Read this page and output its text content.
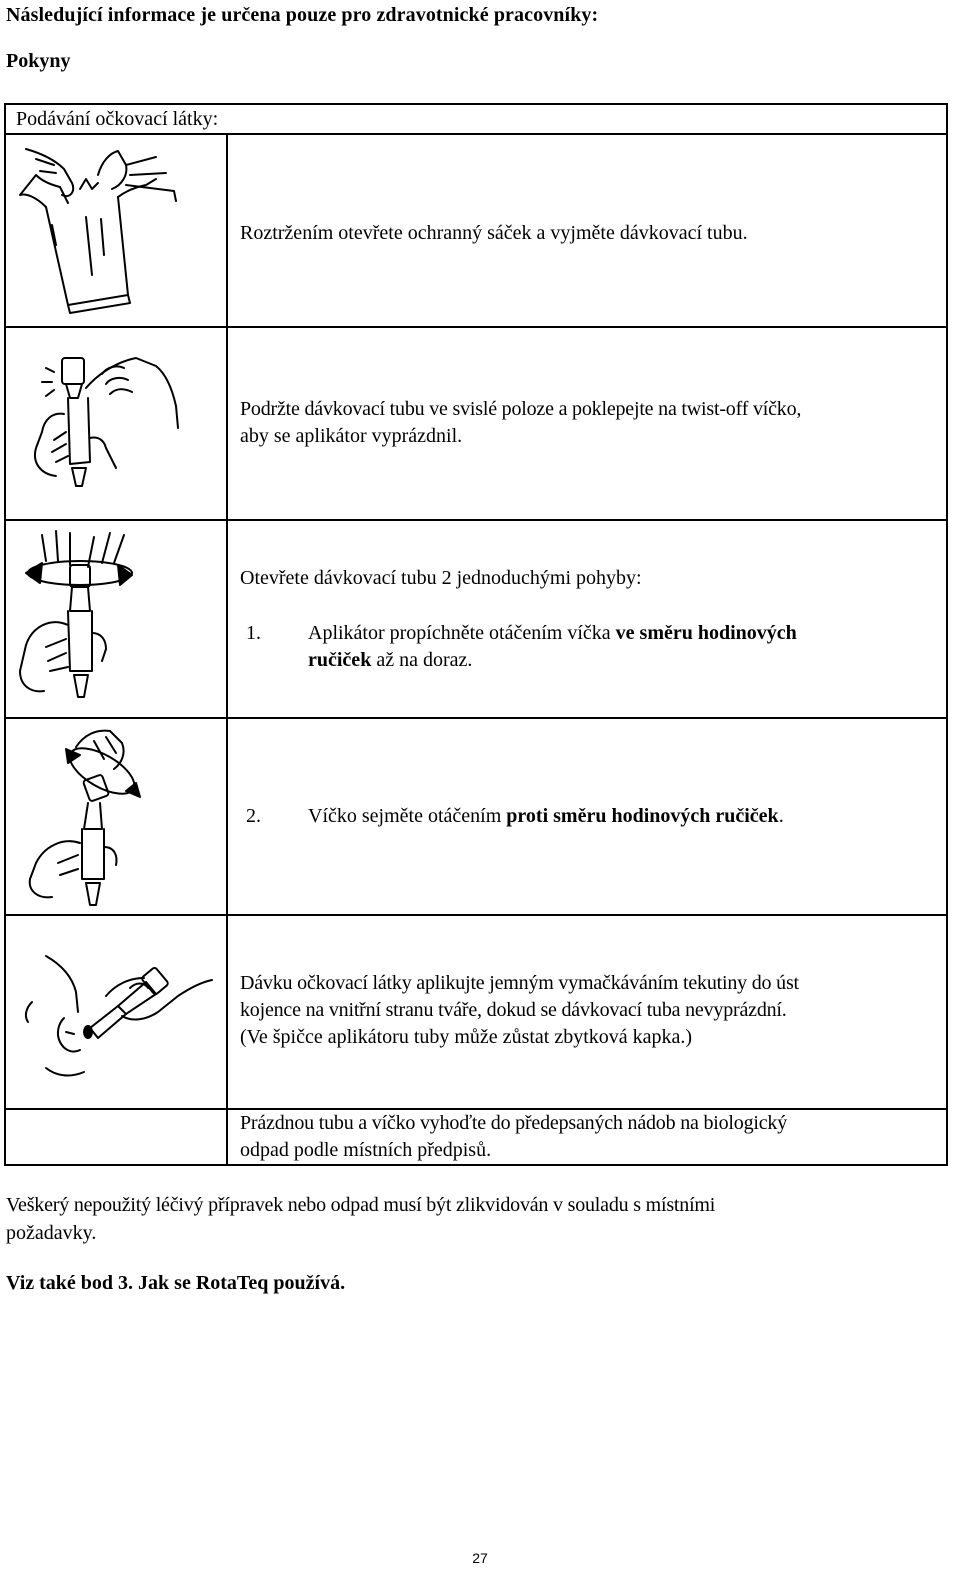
Následující informace je určena pouze pro zdravotnické pracovníky:
Pokyny
Podávání očkovací látky:	

	Roztržením otevřete ochranný sáček a vyjměte dávkovací tubu.

Podržte dávkovací tubu ve svislé poloze a poklepejte na twist-off víčko,
aby se aplikátor vyprázdnil.

Otevřete dávkovací tubu 2 jednoduchými pohyby:
1. Aplikátor propíchněte otáčením víčka ve směru hodinových
ručiček až na doraz.

2. Víčko sejměte otáčením proti směru hodinových ručiček.

Dávku očkovací látky aplikujte jemným vymačkáváním tekutiny do úst
kojence na vnitřní stranu tváře, dokud se dávkovací tuba nevyprázdní.
(Ve špičce aplikátoru tuby může zůstat zbytková kapka.)

	Prázdnou tubu a víčko vyhoďte do předepsaných nádob na biologický
odpad podle místních předpisů.
Veškerý nepoužitý léčivý přípravek nebo odpad musí být zlikvidován v souladu s místními
požadavky.
Viz také bod 3. Jak se RotaTeq používá.
27
